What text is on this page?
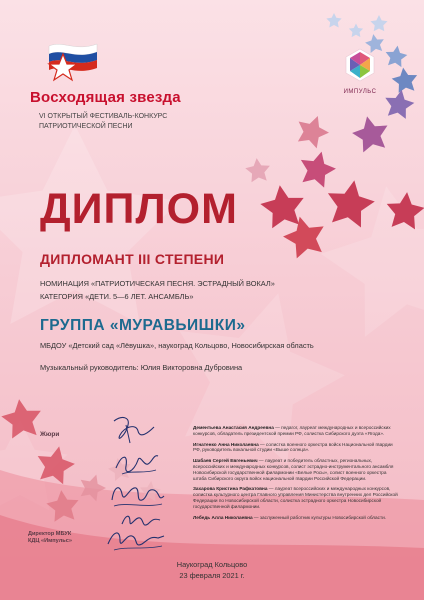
Восходящая звезда
VI ОТКРЫТЫЙ ФЕСТИВАЛЬ-КОНКУРС
ПАТРИОТИЧЕСКОЙ ПЕСНИ
ИМПУЛЬС
ДИПЛОМ
ДИПЛОМАНТ III СТЕПЕНИ
НОМИНАЦИЯ «ПАТРИОТИЧЕСКАЯ ПЕСНЯ. ЭСТРАДНЫЙ ВОКАЛ»
КАТЕГОРИЯ «ДЕТИ. 5—6 ЛЕТ. АНСАМБЛЬ»
ГРУППА «МУРАВЬИШКИ»
МБДОУ «Детский сад «Лёвушка», наукоград Кольцово, Новосибирская область
Музыкальный руководитель: Юлия Викторовна Дубровина
Жюри
Директор МБУК
КДЦ «Импульс»
Дементьева Анастасия Андреевна — педагог, лауреат международных и всероссийских конкурсов, обладатель президентской премии РФ, солистка Сибирского дуэта «Ягода».
Игнатенко Анна Николаевна — солистка военного оркестра войск Национальной гвардии РФ, руководитель вокальной студии «Выше солнца».
Шабаев Сергей Евгеньевич — лауреат и победитель областных, региональных, всероссийских и международных конкурсов, солист эстрадно-инструментального ансамбля Новосибирской государственной филармонии «Белые Росы», солист военного оркестра штаба Сибирского округа войск национальной гвардии Российской Федерации.
Захарова Кристина Рафкатовна — лауреат всероссийских и международных конкурсов, солистка культурного центра Главного управления Министерства внутренних дел Российской Федерации по Новосибирской области, солистка эстрадного оркестра Новосибирской государственной филармонии.
Лебедь Алла Николаевна — заслуженный работник культуры Новосибирской области.
Наукоград Кольцово
23 февраля 2021 г.
